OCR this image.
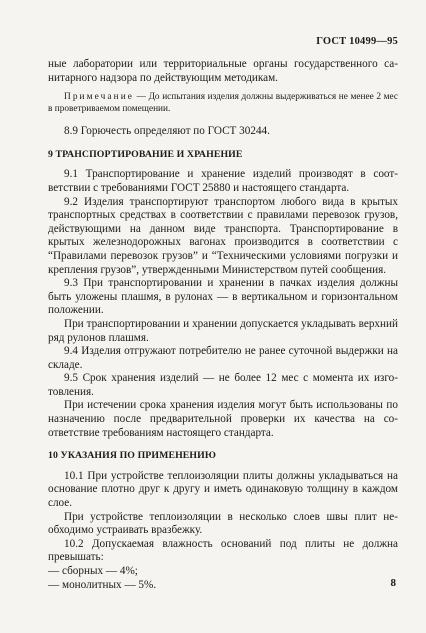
ГОСТ 10499—95

ные лаборатории или территориальные органы государственного санитарного надзора по действующим методикам.

Примечание — До испытания изделия должны выдерживаться не менее 2 мес в проветриваемом помещении.

8.9 Горючесть определяют по ГОСТ 30244.

9 ТРАНСПОРТИРОВАНИЕ И ХРАНЕНИЕ

9.1 Транспортирование и хранение изделий производят в соответствии с требованиями ГОСТ 25880 и настоящего стандарта.

9.2 Изделия транспортируют транспортом любого вида в крытых транспортных средствах в соответствии с правилами перевозок грузов, действующими на данном виде транспорта. Транспортирование в крытых железнодорожных вагонах производится в соответствии с “Правилами перевозок грузов” и “Техническими условиями погрузки и крепления грузов”, утвержденными Министерством путей сообщения.

9.3 При транспортировании и хранении в пачках изделия должны быть уложены плашмя, в рулонах — в вертикальном и горизонтальном положении.

При транспортировании и хранении допускается укладывать верхний ряд рулонов плашмя.

9.4 Изделия отгружают потребителю не ранее суточной выдержки на складе.

9.5 Срок хранения изделий — не более 12 мес с момента их изготовления.

При истечении срока хранения изделия могут быть использованы по назначению после предварительной проверки их качества на соответствие требованиям настоящего стандарта.

10 УКАЗАНИЯ ПО ПРИМЕНЕНИЮ

10.1 При устройстве теплоизоляции плиты должны укладываться на основание плотно друг к другу и иметь одинаковую толщину в каждом слое.

При устройстве теплоизоляции в несколько слоев швы плит необходимо устраивать вразбежку.

10.2 Допускаемая влажность оснований под плиты не должна превышать:

— сборных — 4%;

— монолитных — 5%.	8
